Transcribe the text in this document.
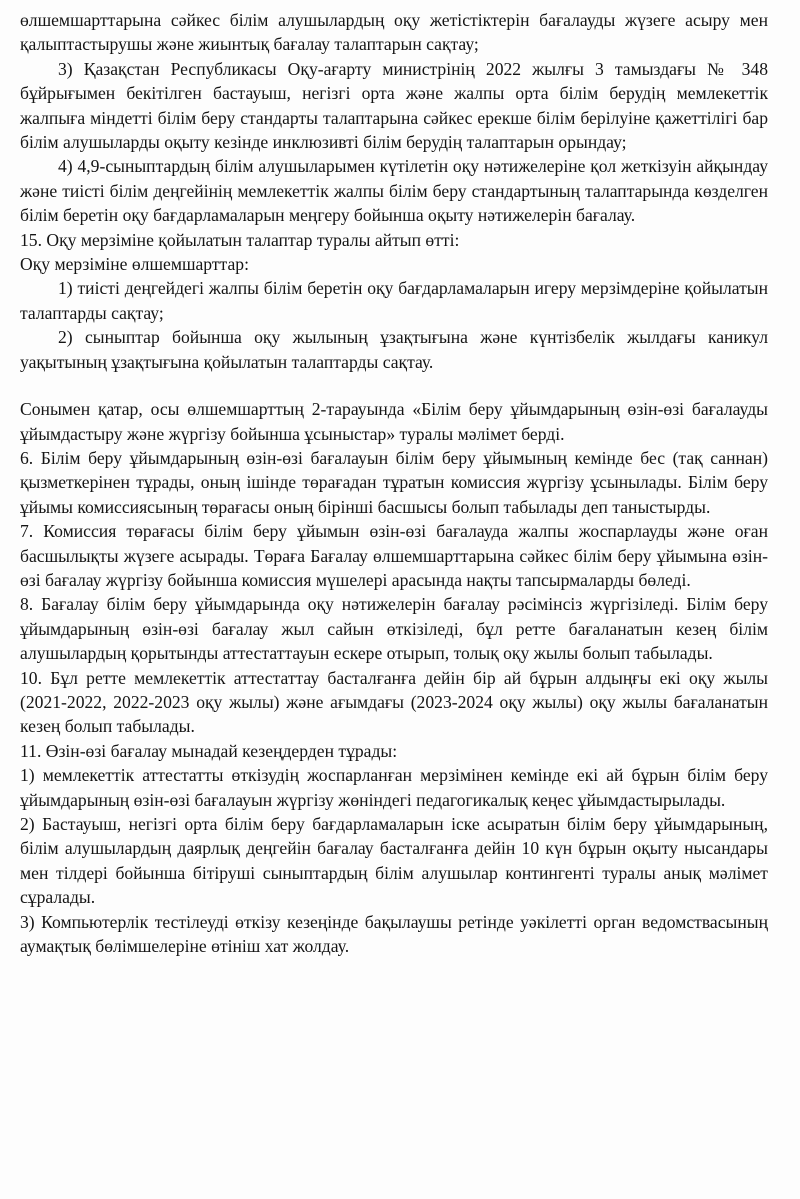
өлшемшарттарына сәйкес білім алушылардың оқу жетістіктерін бағалауды жүзеге асыру мен қалыптастырушы және жиынтық бағалау талаптарын сақтау;

3) Қазақстан Республикасы Оқу-ағарту министрінің 2022 жылғы 3 тамыздағы № 348 бұйрығымен бекітілген бастауыш, негізгі орта және жалпы орта білім берудің мемлекеттік жалпыға міндетті білім беру стандарты талаптарына сәйкес ерекше білім берілуіне қажеттілігі бар білім алушыларды оқыту кезінде инклюзивті білім берудің талаптарын орындау;

4) 4,9-сыныптардың білім алушыларымен күтілетін оқу нәтижелеріне қол жеткізуін айқындау және тиісті білім деңгейінің мемлекеттік жалпы білім беру стандартының талаптарында көзделген білім беретін оқу бағдарламаларын меңгеру бойынша оқыту нәтижелерін бағалау.

15. Оқу мерзіміне қойылатын талаптар туралы айтып өтті:

Оқу мерзіміне өлшемшарттар:

1) тиісті деңгейдегі жалпы білім беретін оқу бағдарламаларын игеру мерзімдеріне қойылатын талаптарды сақтау;

2) сыныптар бойынша оқу жылының ұзақтығына және күнтізбелік жылдағы каникул уақытының ұзақтығына қойылатын талаптарды сақтау.

Сонымен қатар, осы өлшемшарттың 2-тарауында «Білім беру ұйымдарының өзін-өзі бағалауды ұйымдастыру және жүргізу бойынша ұсыныстар» туралы мәлімет берді.

6. Білім беру ұйымдарының өзін-өзі бағалауын білім беру ұйымының кемінде бес (тақ саннан) қызметкерінен тұрады, оның ішінде төрағадан тұратын комиссия жүргізу ұсынылады. Білім беру ұйымы комиссиясының төрағасы оның бірінші басшысы болып табылады деп таныстырды.

7. Комиссия төрағасы білім беру ұйымын өзін-өзі бағалауда жалпы жоспарлауды және оған басшылықты жүзеге асырады. Төраға Бағалау өлшемшарттарына сәйкес білім беру ұйымына өзін-өзі бағалау жүргізу бойынша комиссия мүшелері арасында нақты тапсырмаларды бөледі.

8. Бағалау білім беру ұйымдарында оқу нәтижелерін бағалау рәсімінсіз жүргізіледі. Білім беру ұйымдарының өзін-өзі бағалау жыл сайын өткізіледі, бұл ретте бағаланатын кезең білім алушылардың қорытынды аттестаттауын ескере отырып, толық оқу жылы болып табылады.

10. Бұл ретте мемлекеттік аттестаттау басталғанға дейін бір ай бұрын алдыңғы екі оқу жылы (2021-2022, 2022-2023 оқу жылы) және ағымдағы (2023-2024 оқу жылы) оқу жылы бағаланатын кезең болып табылады.

11. Өзін-өзі бағалау мынадай кезеңдерден тұрады:

1) мемлекеттік аттестатты өткізудің жоспарланған мерзімінен кемінде екі ай бұрын білім беру ұйымдарының өзін-өзі бағалауын жүргізу жөніндегі педагогикалық кеңес ұйымдастырылады.

2) Бастауыш, негізгі орта білім беру бағдарламаларын іске асыратын білім беру ұйымдарының, білім алушылардың даярлық деңгейін бағалау басталғанға дейін 10 күн бұрын оқыту нысандары мен тілдері бойынша бітіруші сыныптардың білім алушылар контингенті туралы анық мәлімет сұралады.

3) Компьютерлік тестілеуді өткізу кезеңінде бақылаушы ретінде уәкілетті орган ведомствасының аумақтық бөлімшелеріне өтініш хат жолдау.
